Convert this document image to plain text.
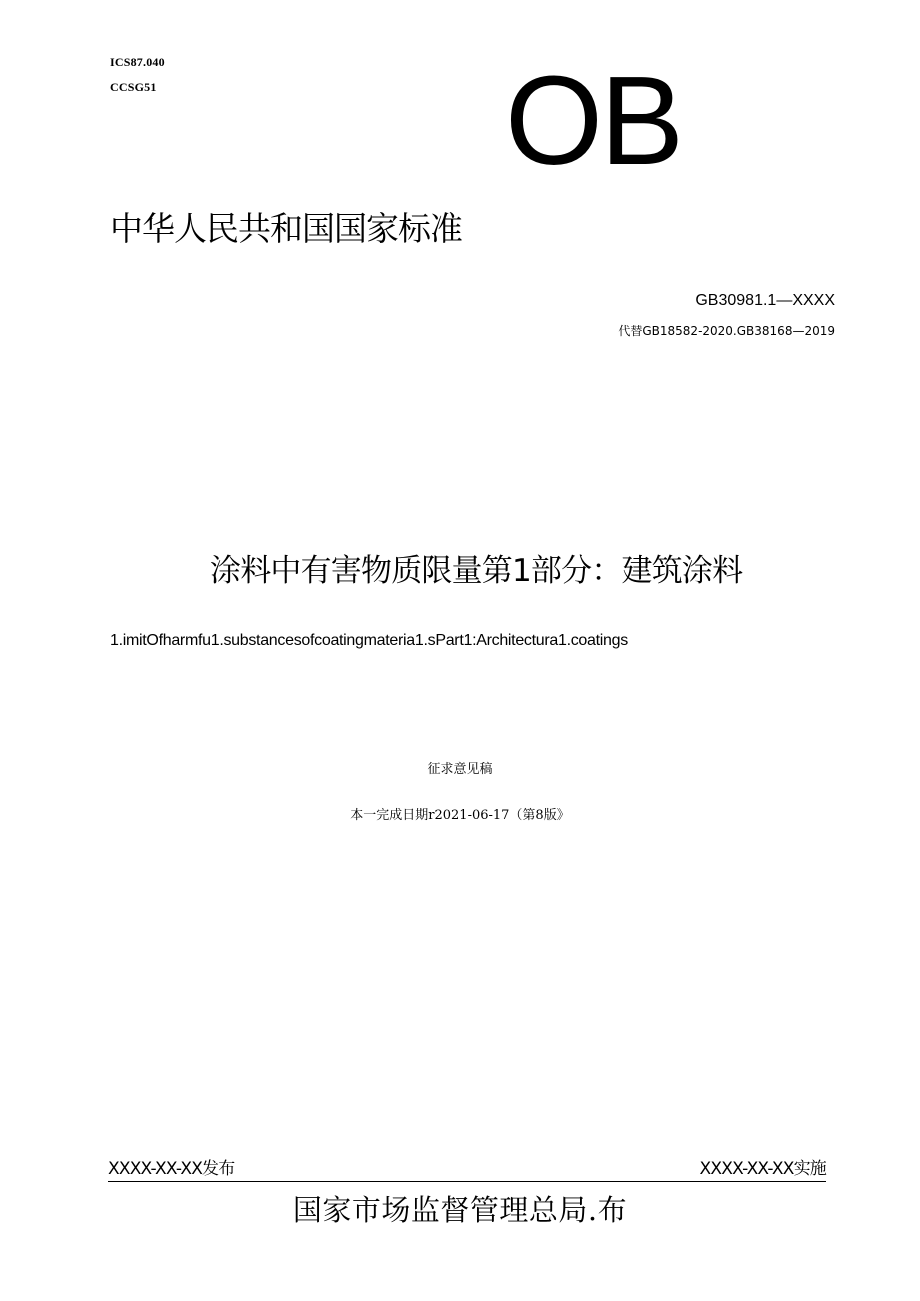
ICS87.040
CCSG51	OB
中华人民共和国国家标准
GB30981.1—XXXX
代替GB18582-2020.GB38168—2019
涂料中有害物质限量第1部分：建筑涂料
1.imitOfharmfu1.substancesofcoatingmateria1.sPart1:Architectura1.coatings
征求意见稿
本一完成日期r2021-06-17（第8版》
XXXX-XX-XX发布	XXXX-XX-XX实施
国家市场监督管理总局.布
